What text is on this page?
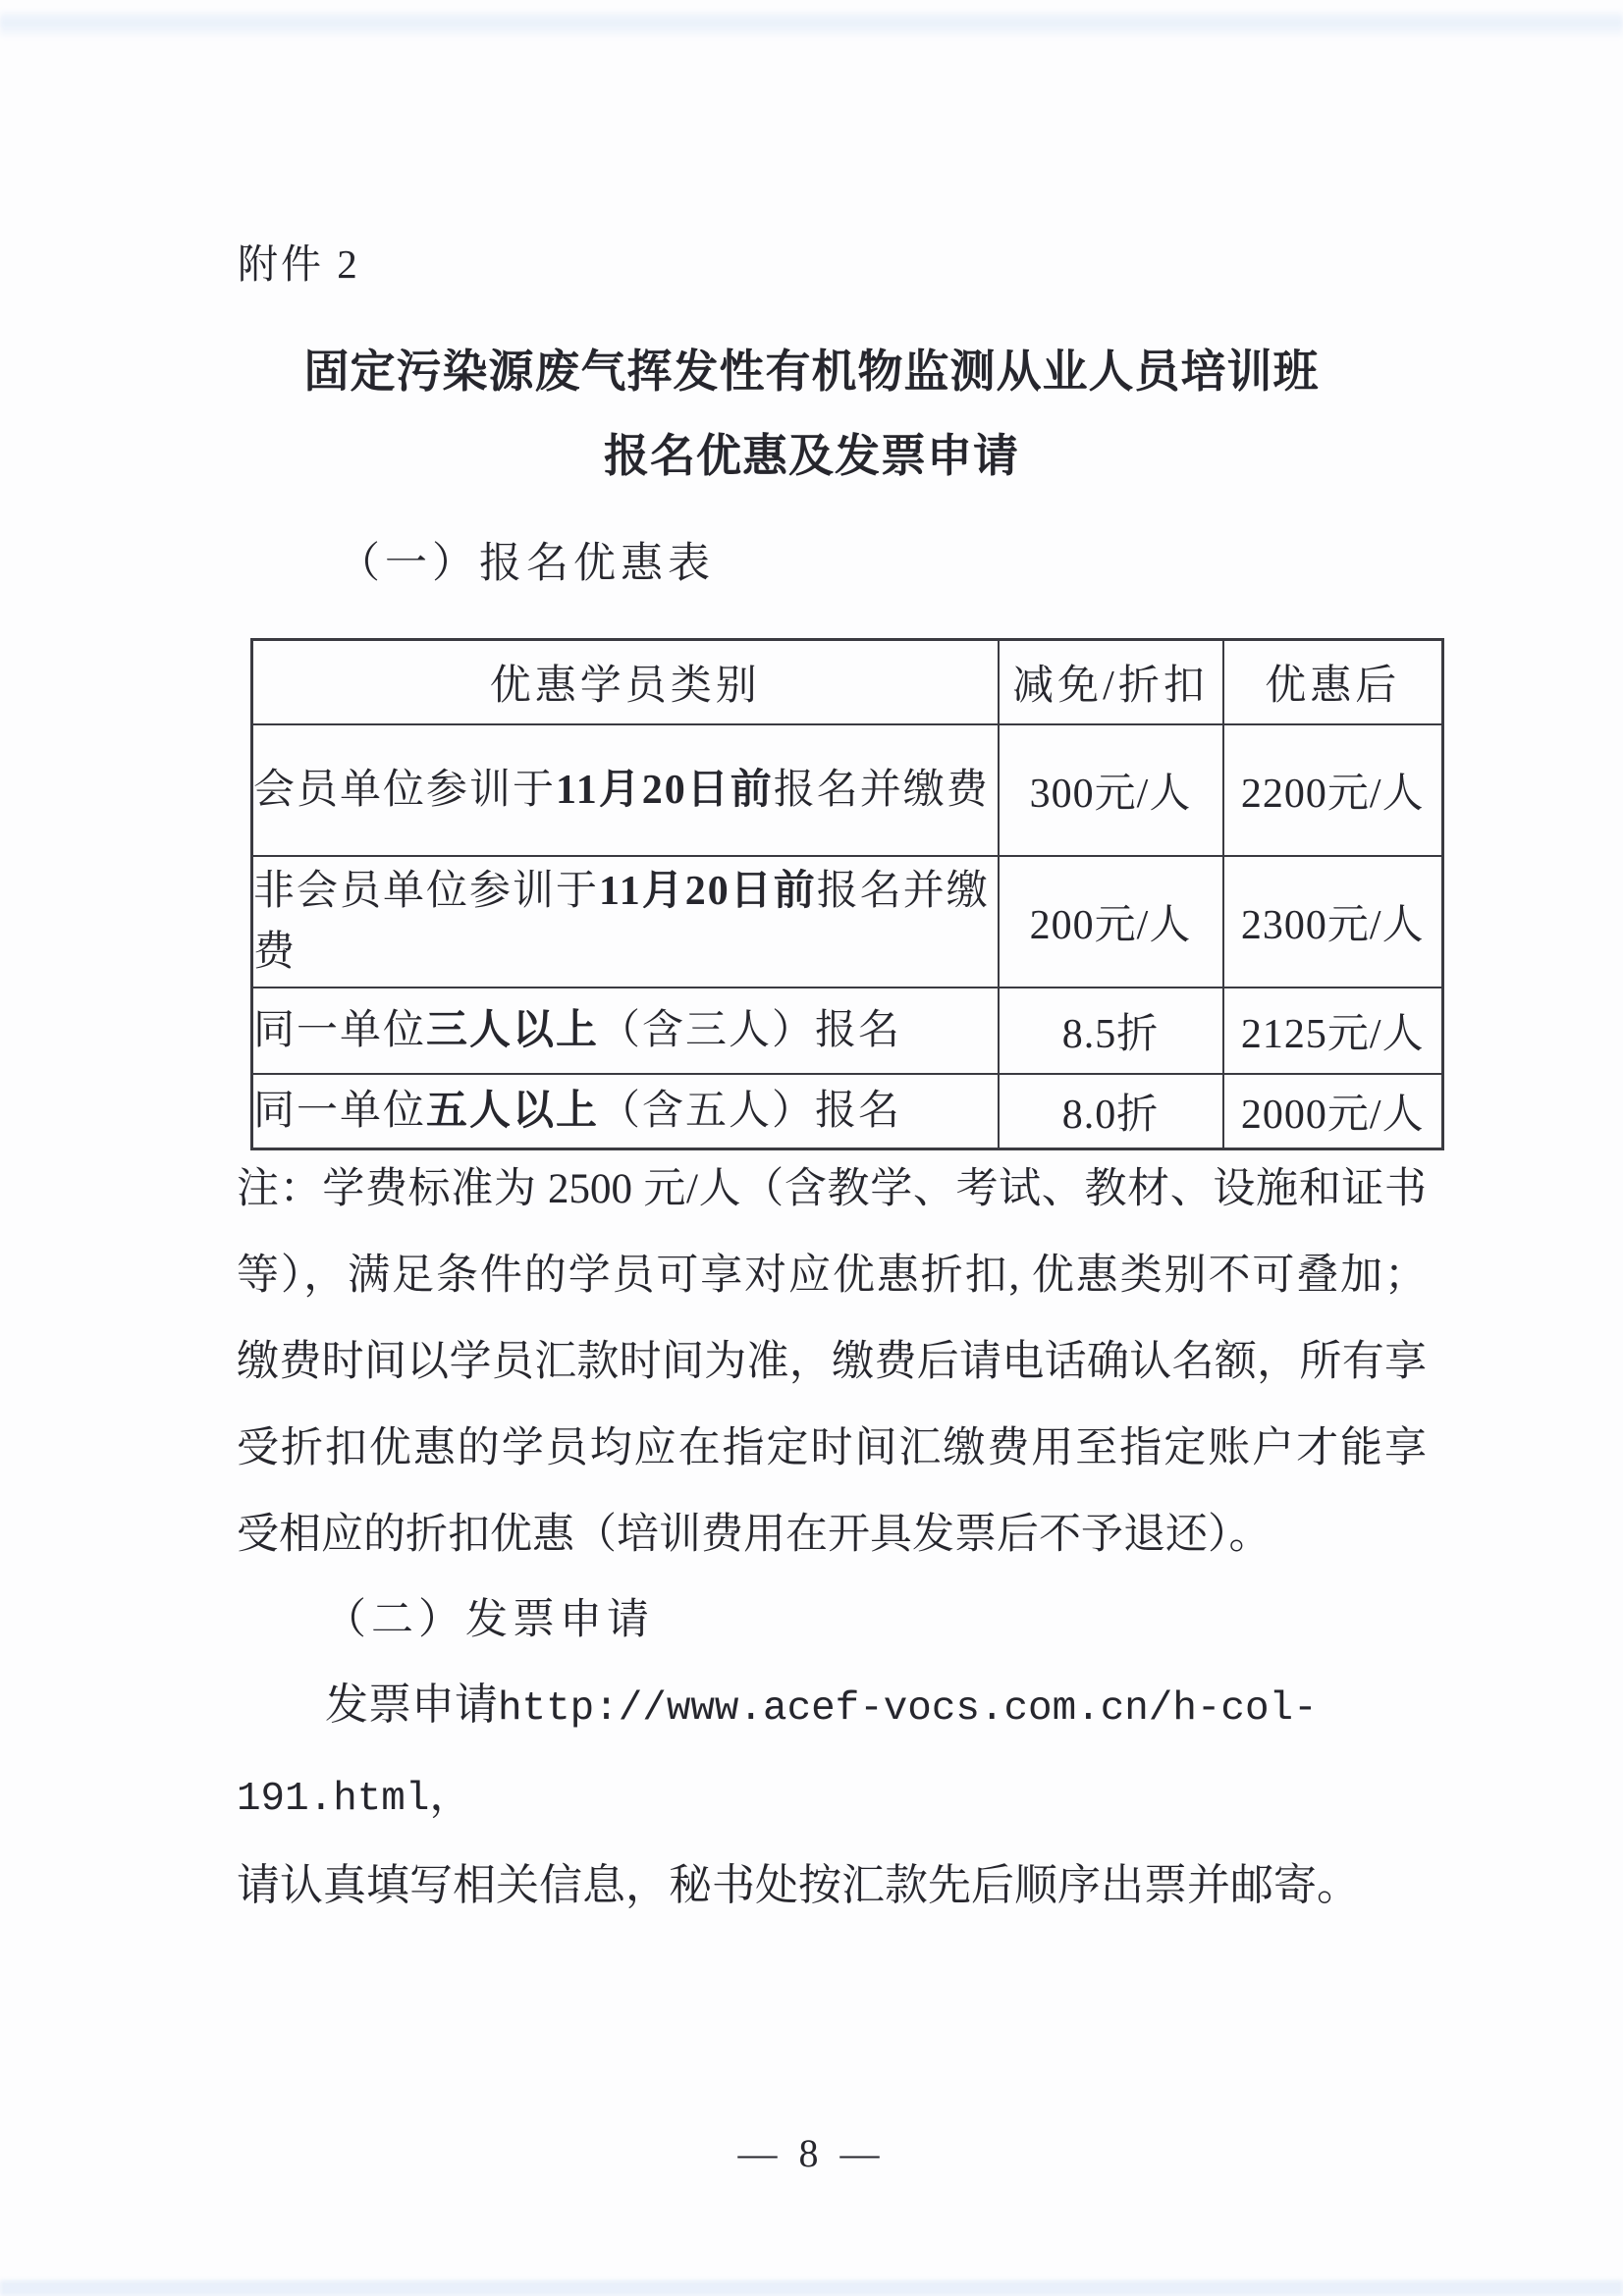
附件 2
固定污染源废气挥发性有机物监测从业人员培训班
报名优惠及发票申请
（一）报名优惠表
优惠学员类别	减免/折扣	优惠后
会员单位参训于11月20日前报名并缴费	300元/人	2200元/人
非会员单位参训于11月20日前报名并缴费	200元/人	2300元/人
同一单位三人以上（含三人）报名	8.5折	2125元/人
同一单位五人以上（含五人）报名	8.0折	2000元/人
注：学费标准为 2500 元/人（含教学、考试、教材、设施和证书
等），满足条件的学员可享对应优惠折扣, 优惠类别不可叠加；
缴费时间以学员汇款时间为准，缴费后请电话确认名额，所有享
受折扣优惠的学员均应在指定时间汇缴费用至指定账户才能享
受相应的折扣优惠（培训费用在开具发票后不予退还）。
（二）发票申请
发票申请http://www.acef-vocs.com.cn/h-col-191.html，
请认真填写相关信息，秘书处按汇款先后顺序出票并邮寄。
— 8 —
